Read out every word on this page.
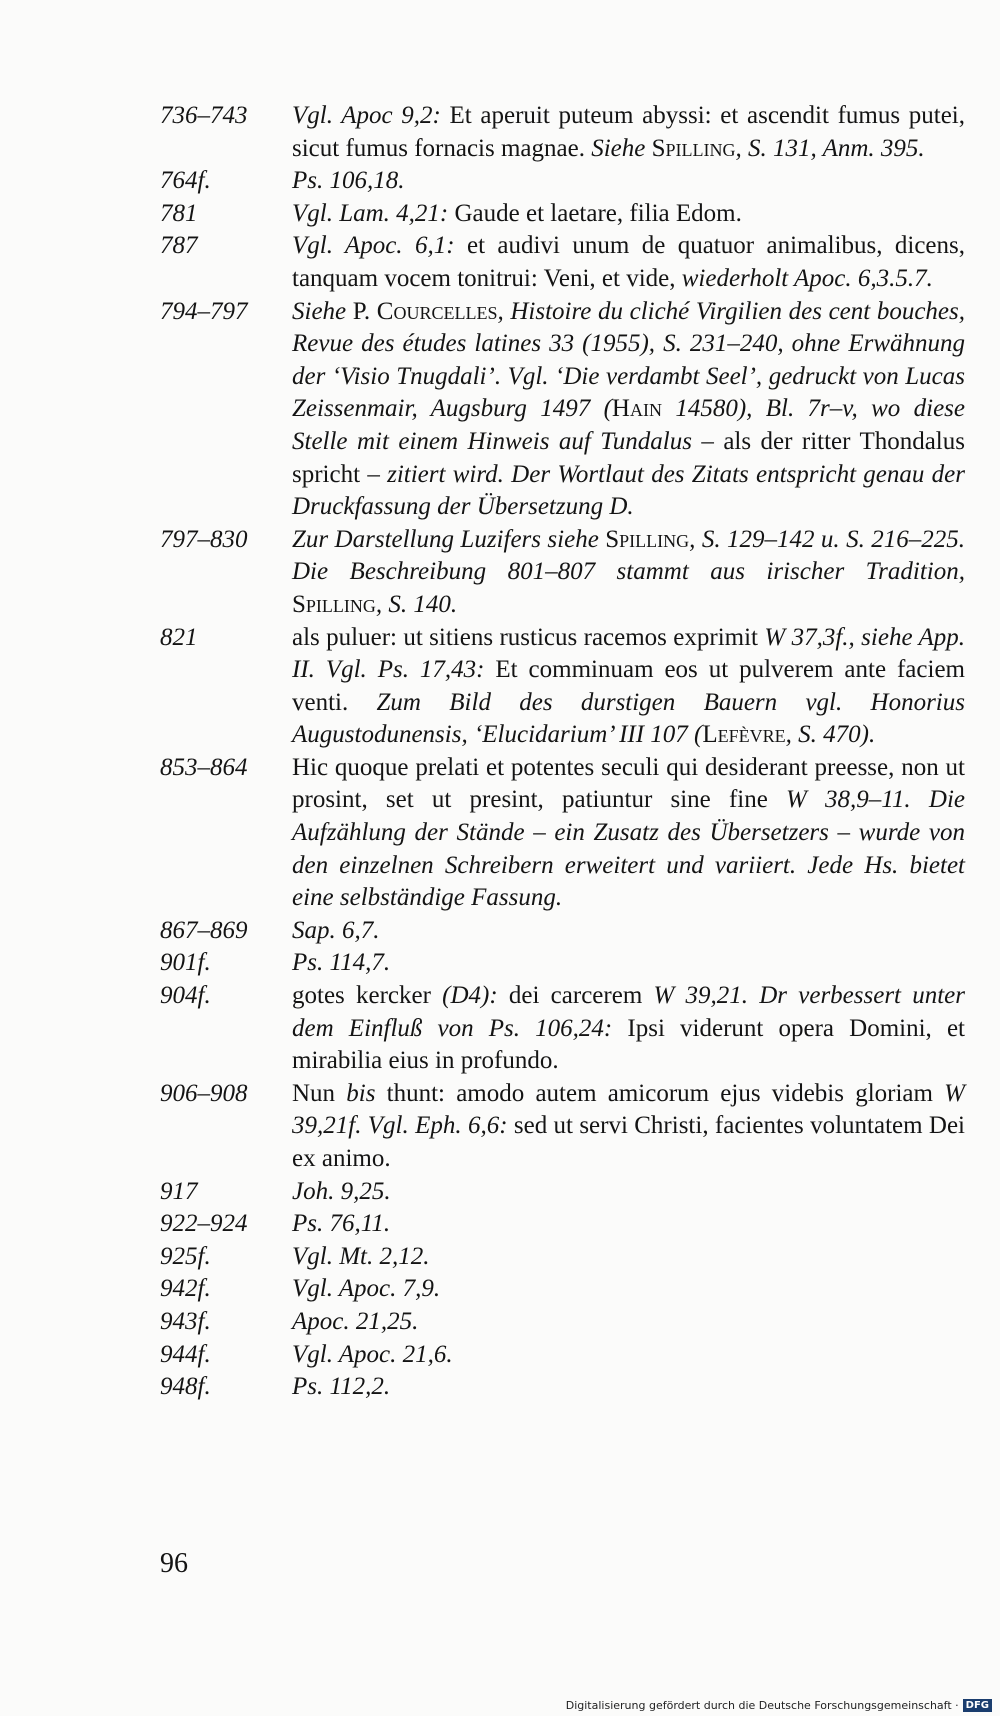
736–743	Vgl. Apoc 9,2: Et aperuit puteum abyssi: et ascendit fumus putei, sicut fumus fornacis magnae. Siehe Spilling, S. 131, Anm. 395.
764f.	Ps. 106,18.
781	Vgl. Lam. 4,21: Gaude et laetare, filia Edom.
787	Vgl. Apoc. 6,1: et audivi unum de quatuor animalibus, dicens, tanquam vocem tonitrui: Veni, et vide, wiederholt Apoc. 6,3.5.7.
794–797	Siehe P. Courcelles, Histoire du cliché Virgilien des cent bouches, Revue des études latines 33 (1955), S. 231–240, ohne Erwähnung der ‘Visio Tnugdali’. Vgl. ‘Die verdambt Seel’, gedruckt von Lucas Zeissenmair, Augsburg 1497 (Hain 14580), Bl. 7r–v, wo diese Stelle mit einem Hinweis auf Tundalus – als der ritter Thondalus spricht – zitiert wird. Der Wortlaut des Zitats entspricht genau der Druckfassung der Übersetzung D.
797–830	Zur Darstellung Luzifers siehe Spilling, S. 129–142 u. S. 216–225. Die Beschreibung 801–807 stammt aus irischer Tradition, Spilling, S. 140.
821	als puluer: ut sitiens rusticus racemos exprimit W 37,3f., siehe App. II. Vgl. Ps. 17,43: Et comminuam eos ut pulverem ante faciem venti. Zum Bild des durstigen Bauern vgl. Honorius Augustodunensis, ‘Elucidarium’ III 107 (Lefèvre, S. 470).
853–864	Hic quoque prelati et potentes seculi qui desiderant preesse, non ut prosint, set ut presint, patiuntur sine fine W 38,9–11. Die Aufzählung der Stände – ein Zusatz des Übersetzers – wurde von den einzelnen Schreibern erweitert und variiert. Jede Hs. bietet eine selbständige Fassung.
867–869	Sap. 6,7.
901f.	Ps. 114,7.
904f.	gotes kercker (D4): dei carcerem W 39,21. Dr verbessert unter dem Einfluß von Ps. 106,24: Ipsi viderunt opera Domini, et mirabilia eius in profundo.
906–908	Nun bis thunt: amodo autem amicorum ejus videbis gloriam W 39,21f. Vgl. Eph. 6,6: sed ut servi Christi, facientes voluntatem Dei ex animo.
917	Joh. 9,25.
922–924	Ps. 76,11.
925f.	Vgl. Mt. 2,12.
942f.	Vgl. Apoc. 7,9.
943f.	Apoc. 21,25.
944f.	Vgl. Apoc. 21,6.
948f.	Ps. 112,2.
96
Digitalisierung gefördert durch die Deutsche Forschungsgemeinschaft · DFG
